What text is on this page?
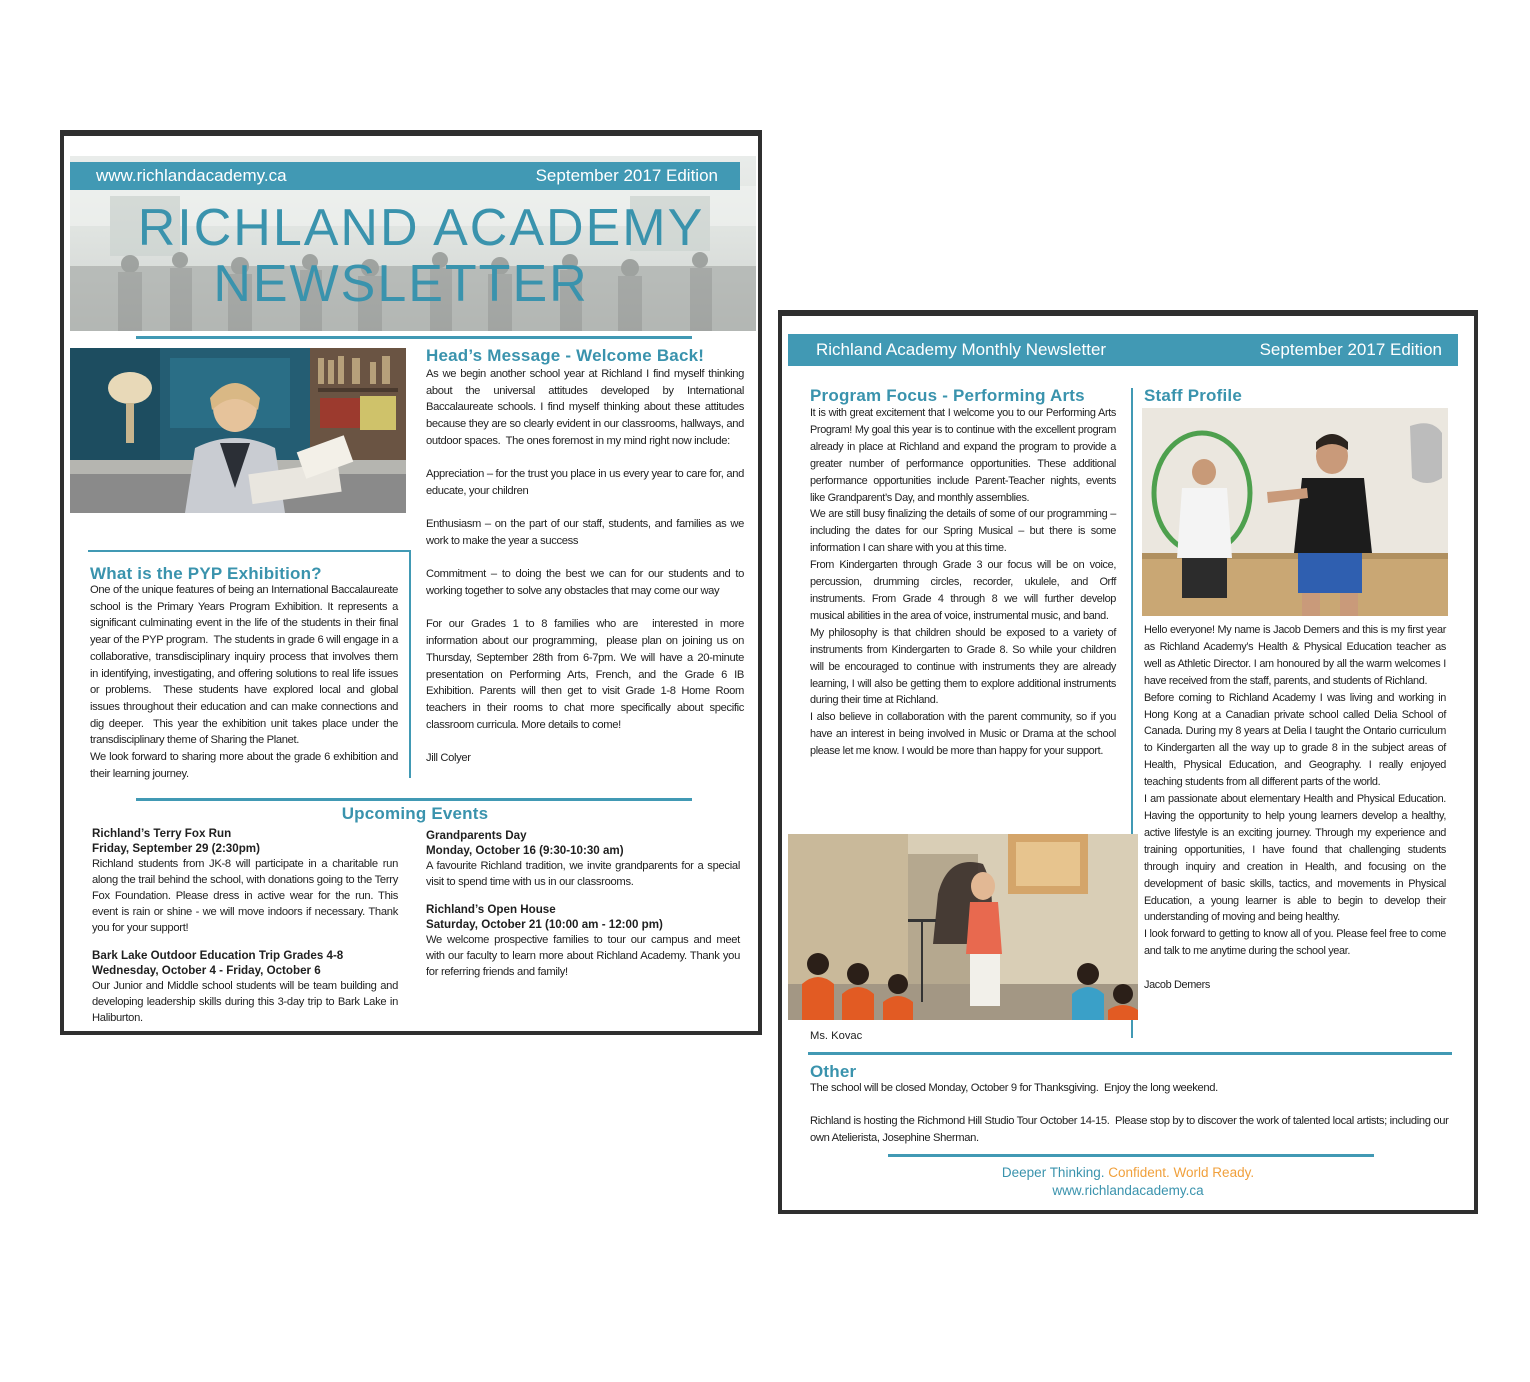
www.richlandacademy.ca	September 2017 Edition
RICHLAND ACADEMY
NEWSLETTER
Head’s Message - Welcome Back!

As we begin another school year at Richland I find myself thinking about the universal attitudes developed by International Baccalaureate schools. I find myself thinking about these attitudes because they are so clearly evident in our classrooms, hallways, and outdoor spaces.  The ones foremost in my mind right now include:

Appreciation – for the trust you place in us every year to care for, and educate, your children

Enthusiasm – on the part of our staff, students, and families as we work to make the year a success

Commitment – to doing the best we can for our students and to working together to solve any obstacles that may come our way

For our Grades 1 to 8 families who are  interested in more information about our programming,  please plan on joining us on Thursday, September 28th from 6-7pm. We will have a 20-minute presentation on Performing Arts, French, and the Grade 6 IB Exhibition. Parents will then get to visit Grade 1-8 Home Room teachers in their rooms to chat more specifically about specific classroom curricula. More details to come!

Jill Colyer

What is the PYP Exhibition?

One of the unique features of being an International Baccalaureate school is the Primary Years Program Exhibition. It represents a significant culminating event in the life of the students in their final year of the PYP program.  The students in grade 6 will engage in a collaborative, transdisciplinary inquiry process that involves them in identifying, investigating, and offering solutions to real life issues or problems.  These students have explored local and global issues throughout their education and can make connections and dig deeper.  This year the exhibition unit takes place under the transdisciplinary theme of Sharing the Planet.

We look forward to sharing more about the grade 6 exhibition and their learning journey.

Upcoming Events
Richland’s Terry Fox Run
Friday, September 29 (2:30pm)
Richland students from JK-8 will participate in a charitable run along the trail behind the school, with donations going to the Terry Fox Foundation. Please dress in active wear for the run. This event is rain or shine - we will move indoors if necessary. Thank you for your support!
Bark Lake Outdoor Education Trip Grades 4-8
Wednesday, October 4 - Friday, October 6
Our Junior and Middle school students will be team building and developing leadership skills during this 3-day trip to Bark Lake in Haliburton.
Grandparents Day
Monday, October 16 (9:30-10:30 am)
A favourite Richland tradition, we invite grandparents for a special visit to spend time with us in our classrooms.
Richland’s Open House
Saturday, October 21 (10:00 am - 12:00 pm)
We welcome prospective families to tour our campus and meet with our faculty to learn more about Richland Academy. Thank you for referring friends and family!
Richland Academy Monthly Newsletter	September 2017 Edition
Program Focus - Performing Arts

It is with great excitement that I welcome you to our Performing Arts Program! My goal this year is to continue with the excellent program already in place at Richland and expand the program to provide a greater number of performance opportunities. These additional performance opportunities include Parent-Teacher nights, events like Grandparent’s Day, and monthly assemblies.

We are still busy finalizing the details of some of our programming – including the dates for our Spring Musical – but there is some information I can share with you at this time.

From Kindergarten through Grade 3 our focus will be on voice, percussion, drumming circles, recorder, ukulele, and Orff instruments. From Grade 4 through 8 we will further develop musical abilities in the area of voice, instrumental music, and band.

My philosophy is that children should be exposed to a variety of instruments from Kindergarten to Grade 8. So while your children will be encouraged to continue with instruments they are already learning, I will also be getting them to explore additional instruments during their time at Richland.

I also believe in collaboration with the parent community, so if you have an interest in being involved in Music or Drama at the school please let me know. I would be more than happy for your support.

Ms. Kovac
Staff Profile

Hello everyone! My name is Jacob Demers and this is my first year as Richland Academy’s Health & Physical Education teacher as well as Athletic Director. I am honoured by all the warm welcomes I have received from the staff, parents, and students of Richland.

Before coming to Richland Academy I was living and working in Hong Kong at a Canadian private school called Delia School of Canada. During my 8 years at Delia I taught the Ontario curriculum to Kindergarten all the way up to grade 8 in the subject areas of Health, Physical Education, and Geography. I really enjoyed teaching students from all different parts of the world.

I am passionate about elementary Health and Physical Education. Having the opportunity to help young learners develop a healthy, active lifestyle is an exciting journey. Through my experience and training opportunities, I have found that challenging students through inquiry and creation in Health, and focusing on the development of basic skills, tactics, and movements in Physical Education, a young learner is able to begin to develop their understanding of moving and being healthy.

I look forward to getting to know all of you. Please feel free to come and talk to me anytime during the school year.

Jacob Demers

Other

The school will be closed Monday, October 9 for Thanksgiving.  Enjoy the long weekend.

Richland is hosting the Richmond Hill Studio Tour October 14-15.  Please stop by to discover the work of talented local artists; including our own Atelierista, Josephine Sherman.

Deeper Thinking. Confident. World Ready.
www.richlandacademy.ca
